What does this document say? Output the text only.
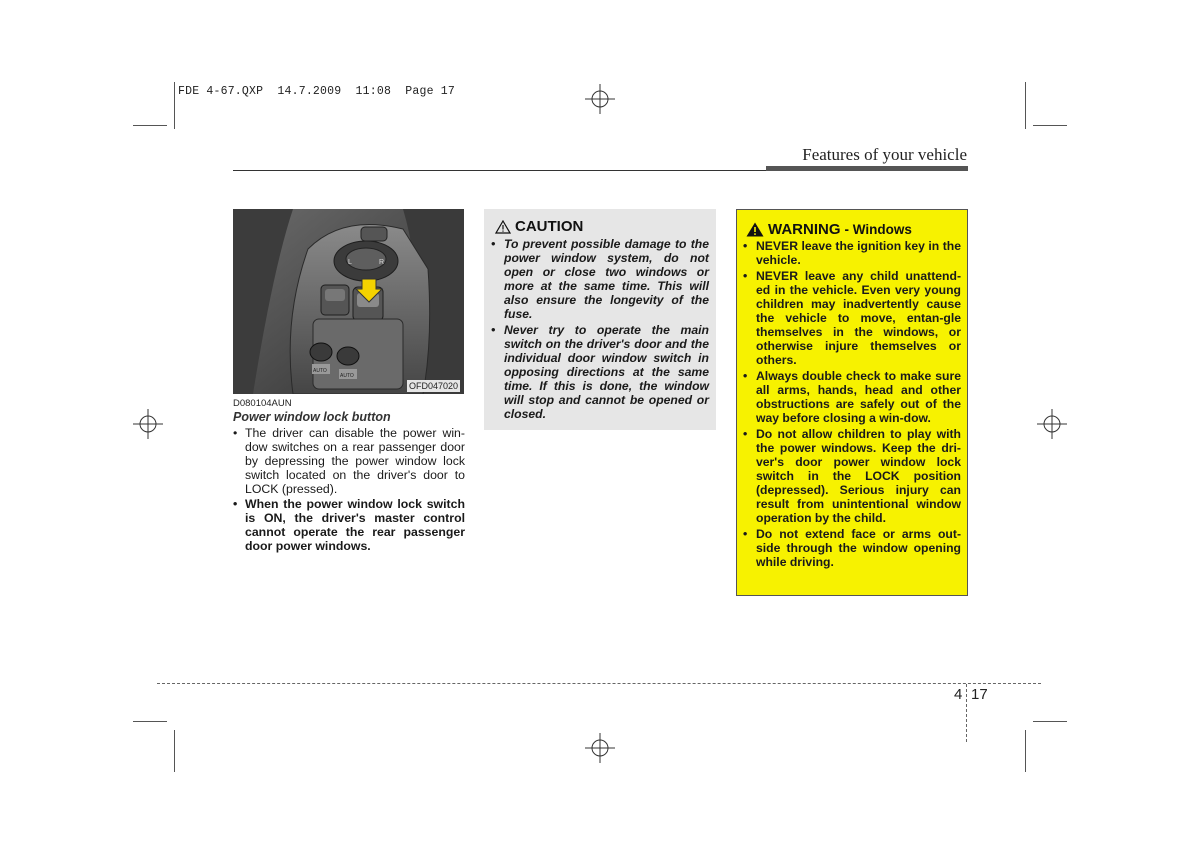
FDE 4-67.QXP 14.7.2009 11:08 Page 17
Features of your vehicle
L	R
AUTO
AUTO
OFD047020
D080104AUN
Power window lock button
• The driver can disable the power win-dow switches on a rear passenger door by depressing the power window lock switch located on the driver's door to LOCK (pressed).
• When the power window lock switch is ON, the driver's master control cannot operate the rear passenger door power windows.
CAUTION
• To prevent possible damage to the power window system, do not open or close two windows or more at the same time. This will also ensure the longevity of the fuse.
• Never try to operate the main switch on the driver's door and the individual door window switch in opposing directions at the same time. If this is done, the window will stop and cannot be opened or closed.
WARNING - Windows
• NEVER leave the ignition key in the vehicle.
• NEVER leave any child unattend-ed in the vehicle. Even very young children may inadvertently cause the vehicle to move, entan-gle themselves in the windows, or otherwise injure themselves or others.
• Always double check to make sure all arms, hands, head and other obstructions are safely out of the way before closing a win-dow.
• Do not allow children to play with the power windows. Keep the dri-ver's door power window lock switch in the LOCK position (depressed). Serious injury can result from unintentional window operation by the child.
• Do not extend face or arms out-side through the window opening while driving.
4 17
